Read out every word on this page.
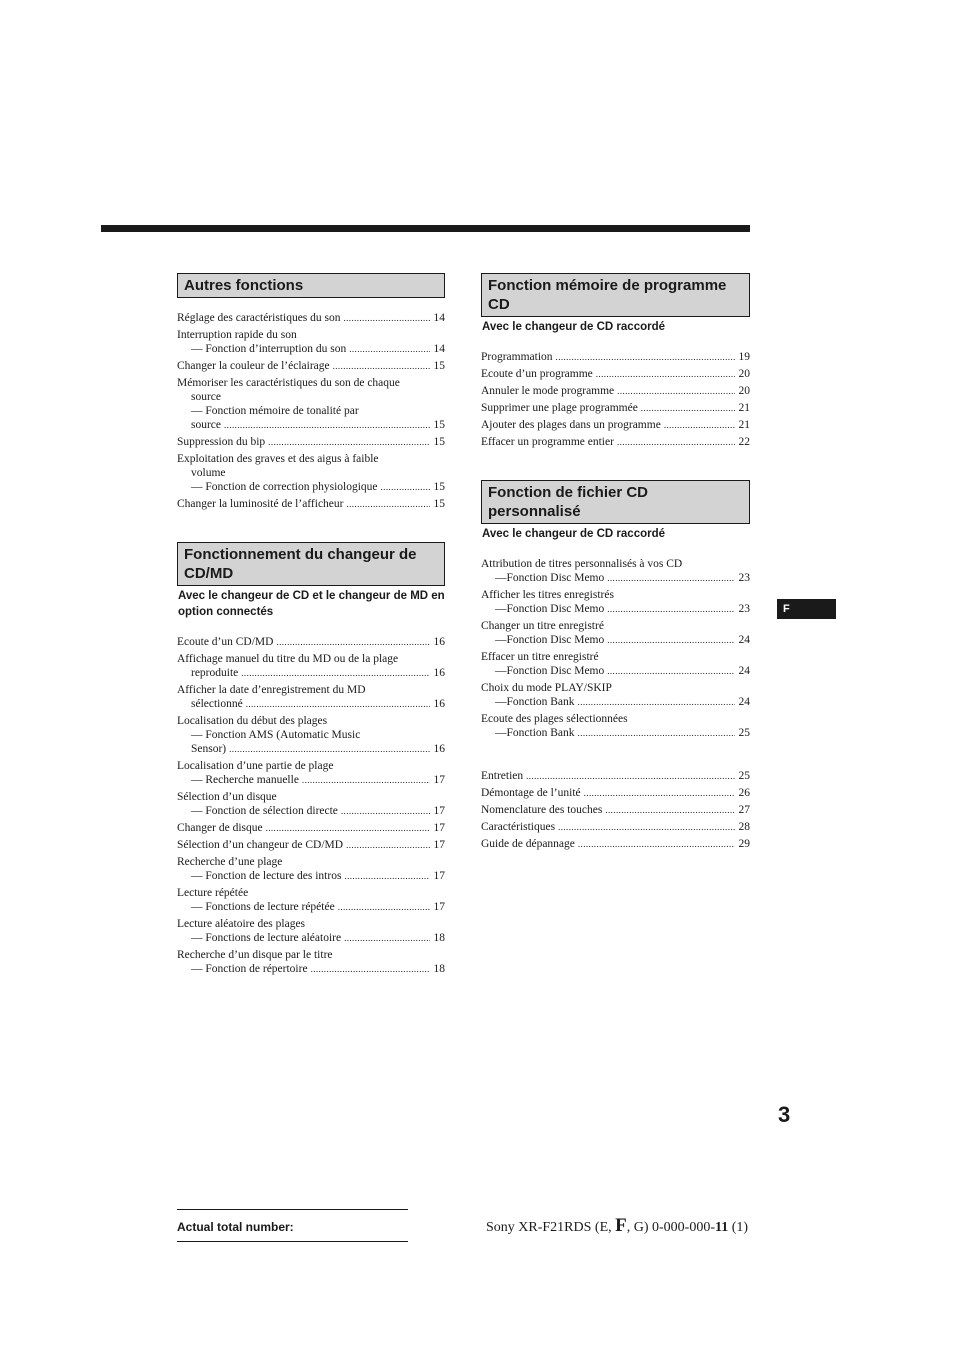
Autres fonctions
Réglage des caractéristiques du son .....	14
Interruption rapide du son
— Fonction d’interruption du son .....	14
Changer la couleur de l’éclairage .....	15
Mémoriser les caractéristiques du son de chaque
source
— Fonction mémoire de tonalité par
source .....	15
Suppression du bip .....	15
Exploitation des graves et des aigus à faible
volume
— Fonction de correction physiologique .....	15
Changer la luminosité de l’afficheur .....	15
Fonctionnement du changeur de CD/MD
Avec le changeur de CD et le changeur de MD en option connectés
Ecoute d’un CD/MD .....	16
Affichage manuel du titre du MD ou de la plage
reproduite .....	16
Afficher la date d’enregistrement du MD
sélectionné .....	16
Localisation du début des plages
— Fonction AMS (Automatic Music
Sensor) .....	16
Localisation d’une partie de plage
— Recherche manuelle .....	17
Sélection d’un disque
— Fonction de sélection directe .....	17
Changer de disque .....	17
Sélection d’un changeur de CD/MD .....	17
Recherche d’une plage
— Fonction de lecture des intros .....	17
Lecture répétée
— Fonctions de lecture répétée .....	17
Lecture aléatoire des plages
— Fonctions de lecture aléatoire .....	18
Recherche d’un disque par le titre
— Fonction de répertoire .....	18
Fonction mémoire de programme CD
Avec le changeur de CD raccordé
Programmation .....	19
Ecoute d’un programme .....	20
Annuler le mode programme .....	20
Supprimer une plage programmée .....	21
Ajouter des plages dans un programme .....	21
Effacer un programme entier .....	22
Fonction de fichier CD personnalisé
Avec le changeur de CD raccordé
Attribution de titres personnalisés à vos CD
—Fonction Disc Memo .....	23
Afficher les titres enregistrés
—Fonction Disc Memo .....	23
Changer un titre enregistré
—Fonction Disc Memo .....	24
Effacer un titre enregistré
—Fonction Disc Memo .....	24
Choix du mode PLAY/SKIP
—Fonction Bank .....	24
Ecoute des plages sélectionnées
—Fonction Bank .....	25
Entretien .....	25
Démontage de l’unité .....	26
Nomenclature des touches .....	27
Caractéristiques .....	28
Guide de dépannage .....	29
F
3
Actual total number:	Sony XR-F21RDS (E, F, G) 0-000-000-11 (1)
